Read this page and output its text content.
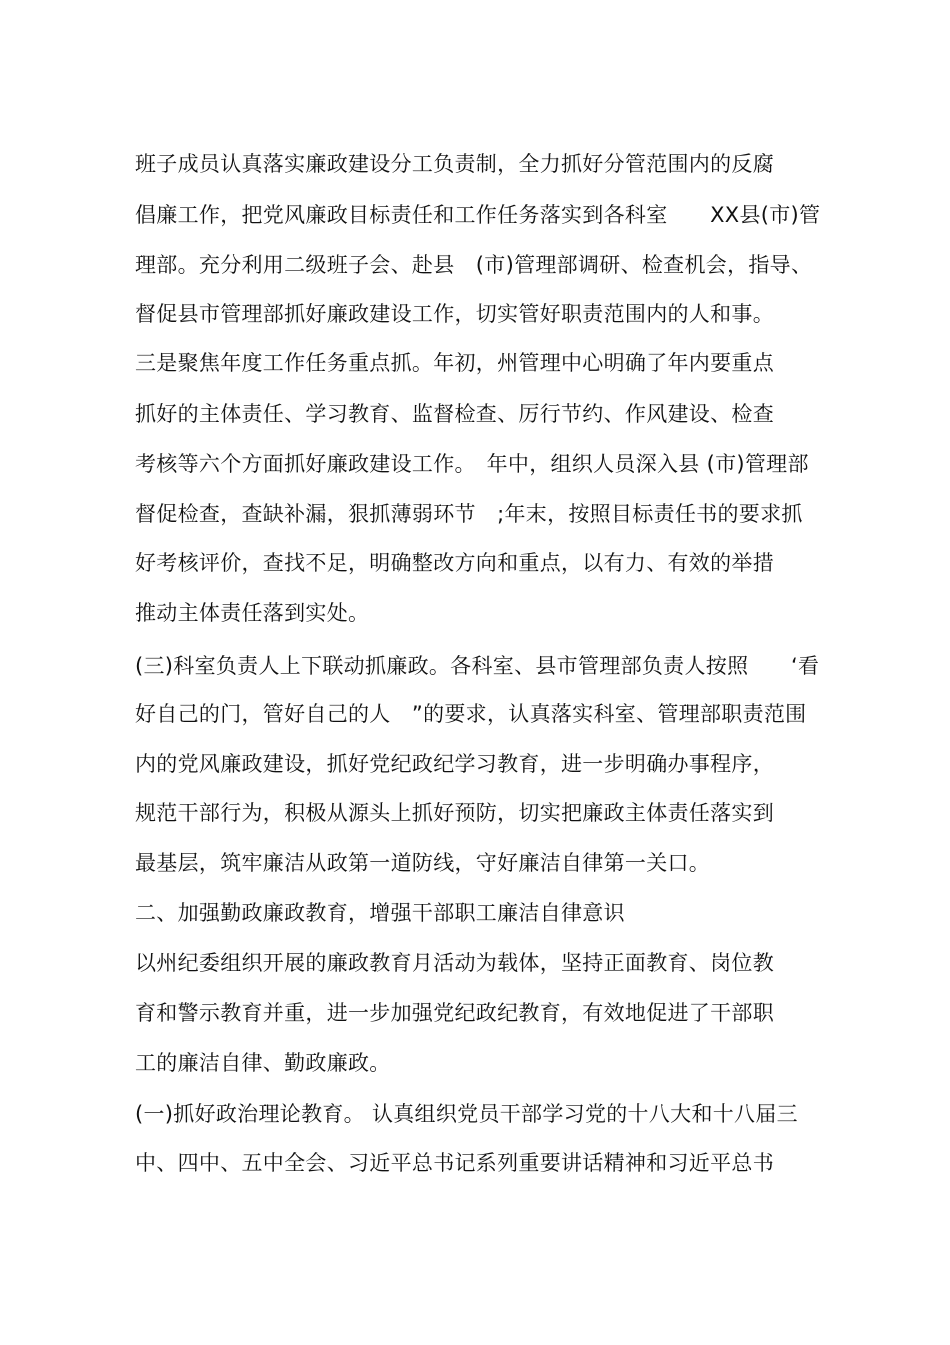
班子成员认真落实廉政建设分工负责制，全力抓好分管范围内的反腐
倡廉工作，把党风廉政目标责任和工作任务落实到各科室　　XX县(市)管
理部。充分利用二级班子会、赴县　(市)管理部调研、检查机会，指导、
督促县市管理部抓好廉政建设工作，切实管好职责范围内的人和事。
三是聚焦年度工作任务重点抓。年初，州管理中心明确了年内要重点
抓好的主体责任、学习教育、监督检查、厉行节约、作风建设、检查
考核等六个方面抓好廉政建设工作。　年中，组织人员深入县 (市)管理部
督促检查，查缺补漏，狠抓薄弱环节　;年末，按照目标责任书的要求抓
好考核评价，查找不足，明确整改方向和重点，以有力、有效的举措
推动主体责任落到实处。
(三)科室负责人上下联动抓廉政。各科室、县市管理部负责人按照　　‘看
好自己的门，管好自己的人　”的要求，认真落实科室、管理部职责范围
内的党风廉政建设，抓好党纪政纪学习教育，进一步明确办事程序，
规范干部行为，积极从源头上抓好预防，切实把廉政主体责任落实到
最基层，筑牢廉洁从政第一道防线，守好廉洁自律第一关口。
二、加强勤政廉政教育，增强干部职工廉洁自律意识
以州纪委组织开展的廉政教育月活动为载体，坚持正面教育、岗位教
育和警示教育并重，进一步加强党纪政纪教育，有效地促进了干部职
工的廉洁自律、勤政廉政。
(一)抓好政治理论教育。 认真组织党员干部学习党的十八大和十八届三
中、四中、五中全会、习近平总书记系列重要讲话精神和习近平总书
